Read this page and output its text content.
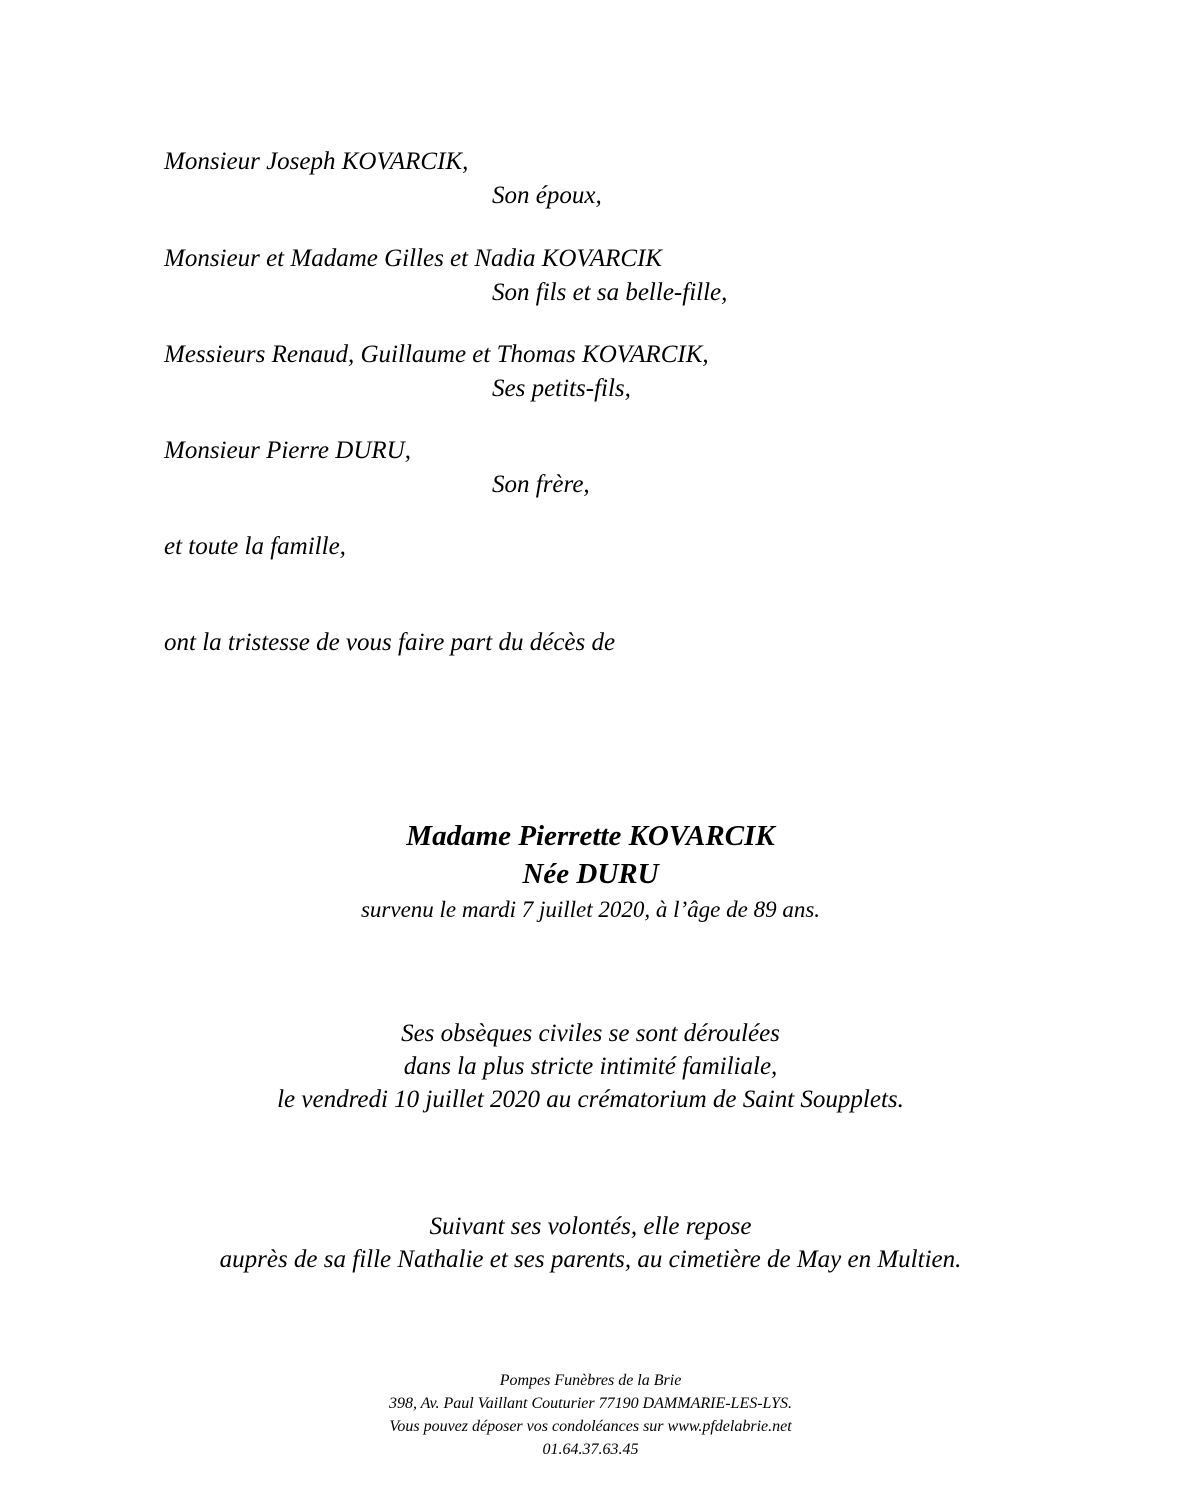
Monsieur Joseph KOVARCIK,
Son époux,
Monsieur et Madame Gilles et Nadia KOVARCIK
Son fils et sa belle-fille,
Messieurs Renaud, Guillaume et Thomas KOVARCIK,
Ses petits-fils,
Monsieur Pierre DURU,
Son frère,
et toute la famille,
ont la tristesse de vous faire part du décès de
Madame Pierrette KOVARCIK
Née DURU
survenu le mardi 7 juillet 2020, à l’âge de 89 ans.
Ses obsèques civiles se sont déroulées
dans la plus stricte intimité familiale,
le vendredi 10 juillet 2020 au crématorium de Saint Soupplets.
Suivant ses volontés, elle repose
auprès de sa fille Nathalie et ses parents, au cimetière de May en Multien.
Pompes Funèbres de la Brie
398, Av. Paul Vaillant Couturier 77190 DAMMARIE-LES-LYS.
Vous pouvez déposer vos condoléances sur www.pfdelabrie.net
01.64.37.63.45
